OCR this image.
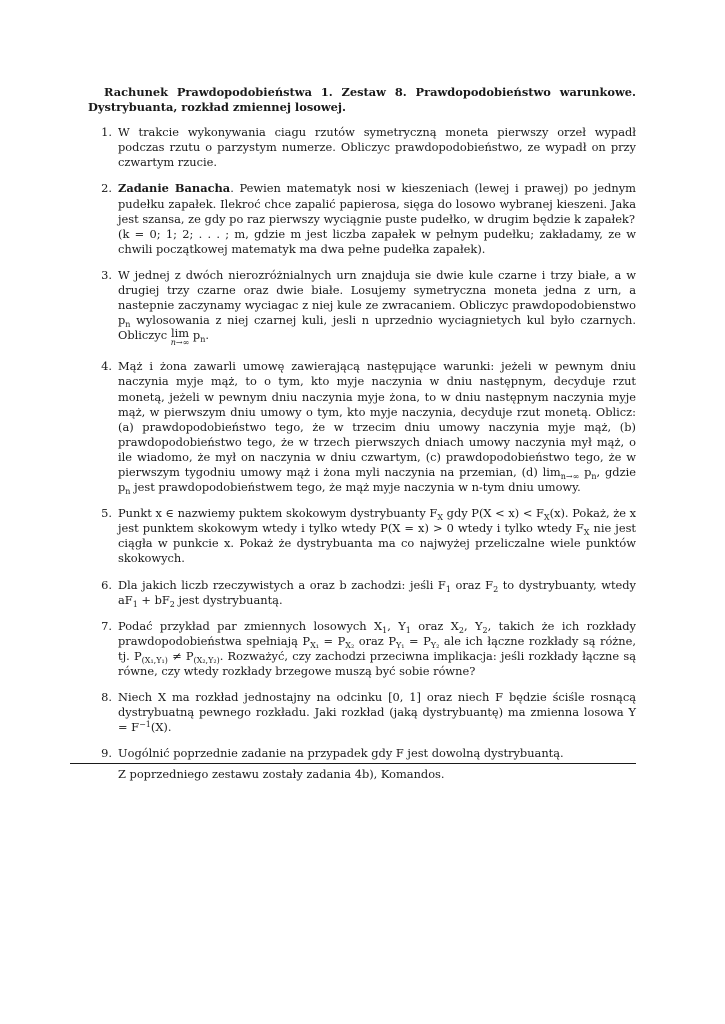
Rachunek Prawdopodobieństwa 1. Zestaw 8. Prawdopodobieństwo warunkowe. Dystrybuanta, rozkład zmiennej losowej.

1. W trakcie wykonywania ciagu rzutów symetryczną moneta pierwszy orzeł wypadł podczas rzutu o parzystym numerze. Obliczyc prawdopodobieństwo, ze wypadł on przy czwartym rzucie.

2. Zadanie Banacha. Pewien matematyk nosi w kieszeniach (lewej i prawej) po jednym pudełku zapałek. Ilekroć chce zapalić papierosa, sięga do losowo wybranej kieszeni. Jaka jest szansa, ze gdy po raz pierwszy wyciągnie puste pudełko, w drugim będzie k zapałek?

(k = 0; 1; 2; . . . ; m, gdzie m jest liczba zapałek w pełnym pudełku; zakładamy, ze w chwili początkowej matematyk ma dwa pełne pudełka zapałek).

3. W jednej z dwóch nierozróżnialnych urn znajduja sie dwie kule czarne i trzy białe, a w drugiej trzy czarne oraz dwie białe. Losujemy symetryczna moneta jedna z urn, a nastepnie zaczynamy wyciagac z niej kule ze zwracaniem. Obliczyc prawdopodobienstwo $p_n$ wylosowania z niej czarnej kuli, jesli n uprzednio wyciagnietych kul było czarnych. Obliczyc lim
n→∞
$p_n$.

4. Mąż i żona zawarli umowę zawierającą następujące warunki: jeżeli w pewnym dniu naczynia myje mąż, to o tym, kto myje naczynia w dniu następnym, decyduje rzut monetą, jeżeli w pewnym dniu naczynia myje żona, to w dniu następnym naczynia myje mąż, w pierwszym dniu umowy o tym, kto myje naczynia, decyduje rzut monetą. Oblicz: (a) prawdopodobieństwo tego, że w trzecim dniu umowy naczynia myje mąż, (b) prawdopodobieństwo tego, że w trzech pierwszych dniach umowy naczynia mył mąż, o ile wiadomo, że mył on naczynia w dniu czwartym, (c) prawdopodobieństwo tego, że w pierwszym tygodniu umowy mąż i żona myli naczynia na przemian, (d) $\lim_{n\to\infty} p_n$, gdzie $p_n$ jest prawdopodobieństwem tego, że mąż myje naczynia w n-tym dniu umowy.

5. Punkt x ∈ nazwiemy puktem skokowym dystrybuanty $F_X$ gdy $P(X < x) < F_X(x)$. Pokaż, że x jest punktem skokowym wtedy i tylko wtedy P(X = x) > 0 wtedy i tylko wtedy $F_X$ nie jest ciągła w punkcie x. Pokaż że dystrybuanta ma co najwyżej przeliczalne wiele punktów skokowych.

6. Dla jakich liczb rzeczywistych a oraz b zachodzi: jeśli $F_1$ oraz $F_2$ to dystrybuanty, wtedy $aF_1 + bF_2$ jest dystrybuantą.

7. Podać przykład par zmiennych losowych $X_1$, $Y_1$ oraz $X_2$, $Y_2$, takich że ich rozkłady prawdopodobieństwa spełniają $P_{X_1} = P_{X_2}$ oraz $P_{Y_1} = P_{Y_2}$ ale ich łączne rozkłady są różne, tj. $P_{(X_1,Y_1)} \ne P_{(X_2,Y_2)}$. Rozważyć, czy zachodzi przeciwna implikacja: jeśli rozkłady łączne są równe, czy wtedy rozkłady brzegowe muszą być sobie równe?

8. Niech X ma rozkład jednostajny na odcinku [0, 1] oraz niech F będzie ściśle rosnącą dystrybuatną pewnego rozkładu. Jaki rozkład (jaką dystrybuantę) ma zmienna losowa $Y = F^{-1}(X)$.

9. Uogólnić poprzednie zadanie na przypadek gdy F jest dowolną dystrybuantą.

Z poprzedniego zestawu zostały zadania 4b), Komandos.
